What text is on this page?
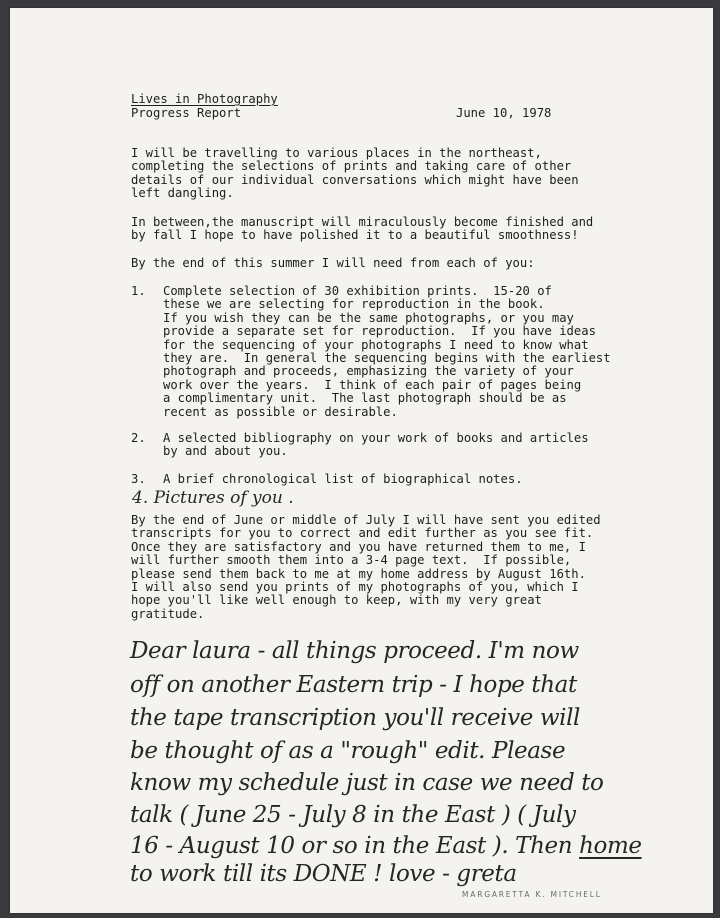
Lives in Photography

Progress Report	June 10, 1978

I will be travelling to various places in the northeast,
completing the selections of prints and taking care of other
details of our individual conversations which might have been
left dangling.

In between,the manuscript will miraculously become finished and
by fall I hope to have polished it to a beautiful smoothness!

By the end of this summer I will need from each of you:

1. Complete selection of 30 exhibition prints.  15-20 of
these we are selecting for reproduction in the book.
If you wish they can be the same photographs, or you may
provide a separate set for reproduction.  If you have ideas
for the sequencing of your photographs I need to know what
they are.  In general the sequencing begins with the earliest
photograph and proceeds, emphasizing the variety of your
work over the years.  I think of each pair of pages being
a complimentary unit.  The last photograph should be as
recent as possible or desirable.

2. A selected bibliography on your work of books and articles
by and about you.

3. A brief chronological list of biographical notes.

4. Pictures of you .

By the end of June or middle of July I will have sent you edited
transcripts for you to correct and edit further as you see fit.
Once they are satisfactory and you have returned them to me, I
will further smooth them into a 3-4 page text.  If possible,
please send them back to me at my home address by August 16th.
I will also send you prints of my photographs of you, which I
hope you'll like well enough to keep, with my very great
gratitude.

Dear laura - all things proceed. I'm now

off on another Eastern trip - I hope that

the tape transcription you'll receive will

be thought of as a "rough" edit. Please

know my schedule just in case we need to

talk ( June 25 - July 8 in the East ) ( July

16 - August 10 or so in the East ). Then home

to work till its DONE ! love - greta

MARGARETTA K. MITCHELL
